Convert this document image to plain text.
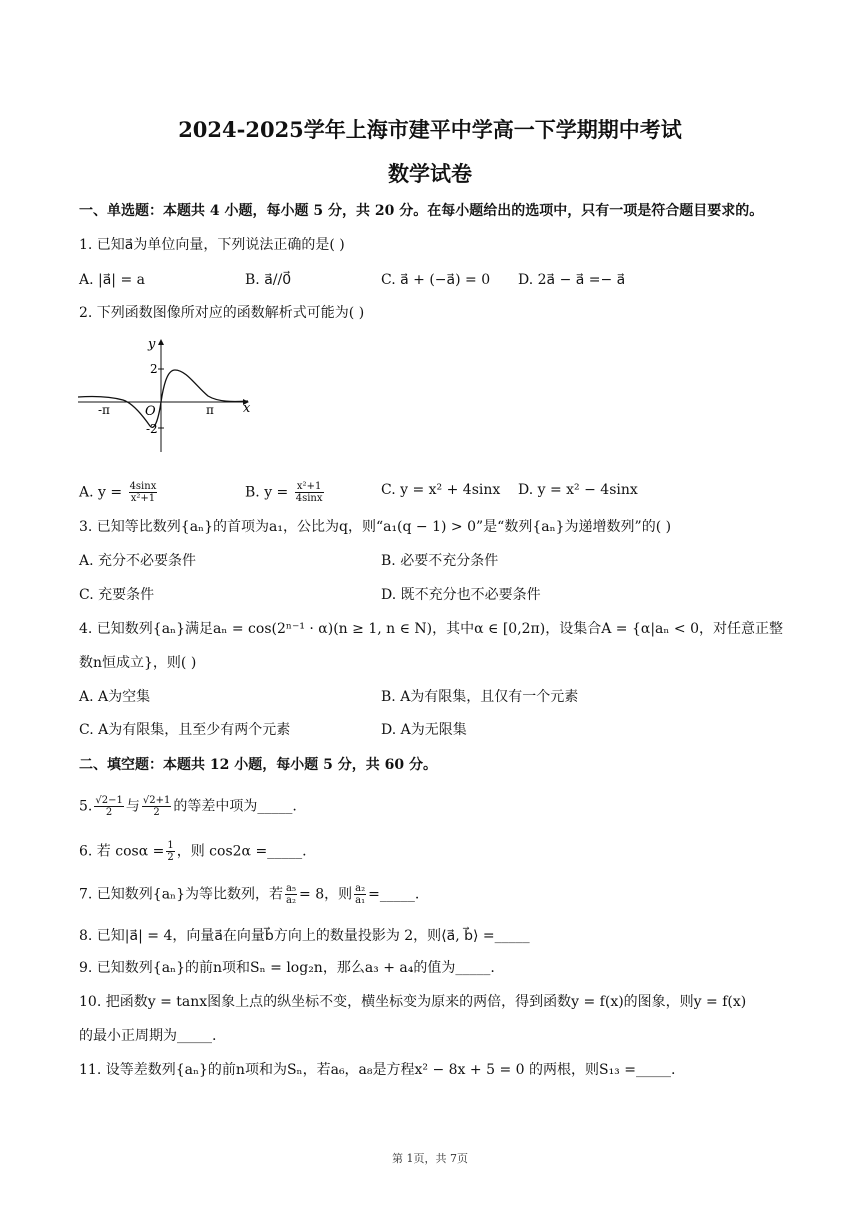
2024-2025学年上海市建平中学高一下学期期中考试
数学试卷
一、单选题：本题共 4 小题，每小题 5 分，共 20 分。在每小题给出的选项中，只有一项是符合题目要求的。
1. 已知a⃗为单位向量，下列说法正确的是( )
A. |a⃗| = a	B. a⃗//0⃗	C. a⃗ + (−a⃗) = 0 D. 2a⃗ − a⃗ =− a⃗
2. 下列函数图像所对应的函数解析式可能为( )
y
x
2
-2
-π	π
O
A. $y = \frac{4\sin x}{\text{x²+1}}$	B. $y = \frac{\text{x²+1}}{4\sin x}$	C. y = x² + 4sinx D. y = x² − 4sinx
3. 已知等比数列{aₙ}的首项为a₁，公比为q，则“a₁(q − 1) > 0”是“数列{aₙ}为递增数列”的( )
A. 充分不必要条件	B. 必要不充分条件
C. 充要条件	D. 既不充分也不必要条件
4. 已知数列{aₙ}满足aₙ = cos(2ⁿ⁻¹ · α)(n ≥ 1, n ∈ N)，其中α ∈ [0,2π)，设集合A = {α|aₙ < 0，对任意正整
数n恒成立}，则( )
A. A为空集	B. A为有限集，且仅有一个元素
C. A为有限集，且至少有两个元素	D. A为无限集
二、填空题：本题共 12 小题，每小题 5 分，共 60 分。
5. $\frac{√2-1}{2}$ 与 $\frac{√2+1}{2}$ 的等差中项为_____.
6. 若 $\cos\alpha = \frac{1}{2}$ ，则 cos2α =_____.
7. 已知数列{aₙ}为等比数列，若 $\frac{\text{a₅}}{\text{a₂}} = 8$，则 $\frac{\text{a₂}}{\text{a₁}}$ =_____.
8. 已知|a⃗| = 4，向量a⃗在向量b⃗方向上的数量投影为 2，则⟨a⃗, b⃗⟩ =_____
9. 已知数列{aₙ}的前n项和Sₙ = log₂n，那么a₃ + a₄的值为_____.
10. 把函数y = tanx图象上点的纵坐标不变，横坐标变为原来的两倍，得到函数y = f(x)的图象，则y = f(x)
的最小正周期为_____.
11. 设等差数列{aₙ}的前n项和为Sₙ，若a₆，a₈是方程x² − 8x + 5 = 0 的两根，则S₁₃ =_____.
第 1页，共 7页
